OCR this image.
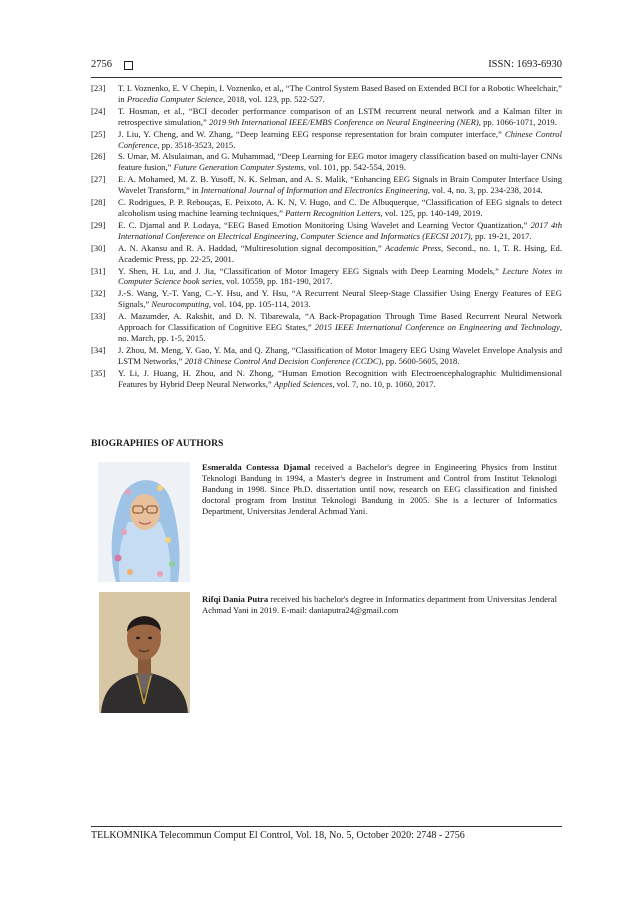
2756	ISSN: 1693-6930
[23]	T. I. Voznenko, E. V Chepin, I. Voznenko, et al,, “The Control System Based Based on Extended BCI for a Robotic Wheelchair,” in Procedia Computer Science, 2018, vol. 123, pp. 522-527.
[24]	T. Hosman, et al., “BCI decoder performance comparison of an LSTM recurrent neural network and a Kalman filter in retrospective simulation,” 2019 9th International IEEE/EMBS Conference on Neural Engineering (NER), pp. 1066-1071, 2019.
[25]	J. Liu, Y. Cheng, and W. Zhang, “Deep learning EEG response representation for brain computer interface,” Chinese Control Conference, pp. 3518-3523, 2015.
[26]	S. Umar, M. Alsulaiman, and G. Muhammad, “Deep Learning for EEG motor imagery classification based on multi-layer CNNs feature fusion,” Future Generation Computer Systems, vol. 101, pp. 542-554, 2019.
[27]	E. A. Mohamed, M. Z. B. Yusoff, N. K. Selman, and A. S. Malik, “Enhancing EEG Signals in Brain Computer Interface Using Wavelet Transform,” in International Journal of Information and Electronics Engineering, vol. 4, no. 3, pp. 234-238, 2014.
[28]	C. Rodrigues, P. P. Rebouças, E. Peixoto, A. K. N, V. Hugo, and C. De Albuquerque, “Classification of EEG signals to detect alcoholism using machine learning techniques,” Pattern Recognition Letters, vol. 125, pp. 140-149, 2019.
[29]	E. C. Djamal and P. Lodaya, “EEG Based Emotion Monitoring Using Wavelet and Learning Vector Quantization,” 2017 4th International Conference on Electrical Engineering, Computer Science and Informatics (EECSI 2017), pp. 19-21, 2017.
[30]	A. N. Akansu and R. A. Haddad, “Multiresolution signal decomposition,” Academic Press, Second., no. 1, T. R. Hsing, Ed. Academic Press, pp. 22-25, 2001.
[31]	Y. Shen, H. Lu, and J. Jia, “Classification of Motor Imagery EEG Signals with Deep Learning Models,” Lecture Notes in Computer Science book series, vol. 10559, pp. 181-190, 2017.
[32]	J.-S. Wang, Y.-T. Yang, C.-Y. Hsu, and Y. Hsu, “A Recurrent Neural Sleep-Stage Classifier Using Energy Features of EEG Signals,” Neurocomputing, vol. 104, pp. 105-114, 2013.
[33]	A. Mazumder, A. Rakshit, and D. N. Tibarewala, “A Back-Propagation Through Time Based Recurrent Neural Network Approach for Classification of Cognitive EEG States,” 2015 IEEE International Conference on Engineering and Technology, no. March, pp. 1-5, 2015.
[34]	J. Zhou, M. Meng, Y. Gao, Y. Ma, and Q. Zhang, “Classification of Motor Imagery EEG Using Wavelet Envelope Analysis and LSTM Networks,” 2018 Chinese Control And Decision Conference (CCDC), pp. 5600-5605, 2018.
[35]	Y. Li, J. Huang, H. Zhou, and N. Zhong, “Human Emotion Recognition with Electroencephalographic Multidimensional Features by Hybrid Deep Neural Networks,” Applied Sciences, vol. 7, no. 10, p. 1060, 2017.
BIOGRAPHIES OF AUTHORS
Esmeralda Contessa Djamal received a Bachelor's degree in Engineering Physics from Institut Teknologi Bandung in 1994, a Master's degree in Instrument and Control from Institut Teknologi Bandung in 1998. Since Ph.D. dissertation until now, research on EEG classification and finished doctoral program from Institut Teknologi Bandung in 2005. She is a lecturer of Informatics Department, Universitas Jenderal Achmad Yani.
Rifqi Dania Putra received his bachelor's degree in Informatics department from Universitas Jenderal Achmad Yani in 2019. E-mail: daniaputra24@gmail.com
TELKOMNIKA Telecommun Comput El Control, Vol. 18, No. 5, October 2020: 2748 - 2756
